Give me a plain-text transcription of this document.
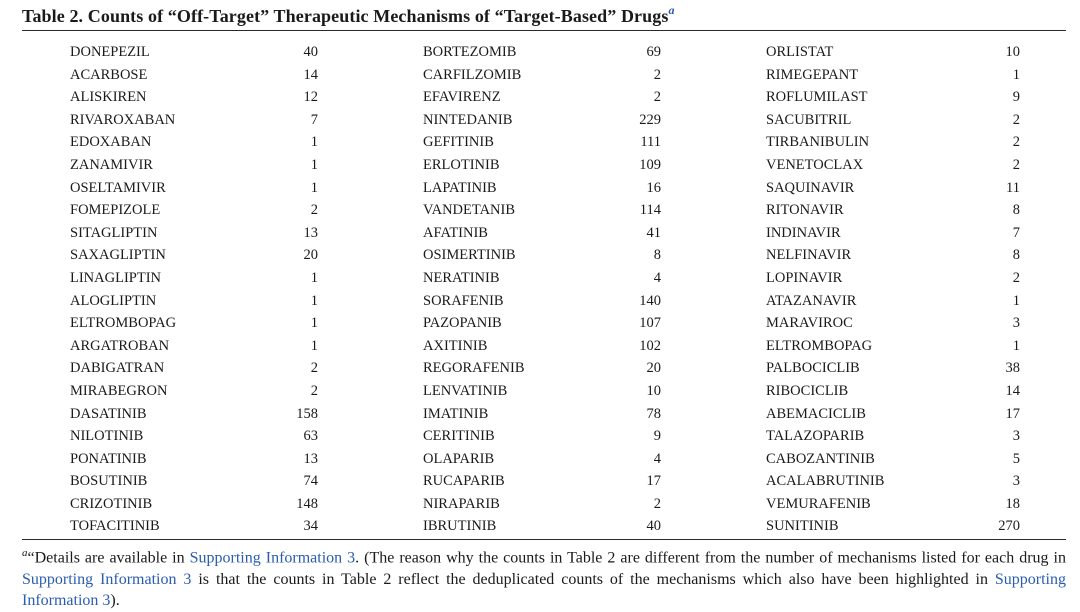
Table 2. Counts of “Off-Target” Therapeutic Mechanisms of “Target-Based” Drugs$^a$
DONEPEZIL	40	BORTEZOMIB	69	ORLISTAT	10
ACARBOSE	14	CARFILZOMIB	2	RIMEGEPANT	1
ALISKIREN	12	EFAVIRENZ	2	ROFLUMILAST	9
RIVAROXABAN	7	NINTEDANIB	229	SACUBITRIL	2
EDOXABAN	1	GEFITINIB	111	TIRBANIBULIN	2
ZANAMIVIR	1	ERLOTINIB	109	VENETOCLAX	2
OSELTAMIVIR	1	LAPATINIB	16	SAQUINAVIR	11
FOMEPIZOLE	2	VANDETANIB	114	RITONAVIR	8
SITAGLIPTIN	13	AFATINIB	41	INDINAVIR	7
SAXAGLIPTIN	20	OSIMERTINIB	8	NELFINAVIR	8
LINAGLIPTIN	1	NERATINIB	4	LOPINAVIR	2
ALOGLIPTIN	1	SORAFENIB	140	ATAZANAVIR	1
ELTROMBOPAG	1	PAZOPANIB	107	MARAVIROC	3
ARGATROBAN	1	AXITINIB	102	ELTROMBOPAG	1
DABIGATRAN	2	REGORAFENIB	20	PALBOCICLIB	38
MIRABEGRON	2	LENVATINIB	10	RIBOCICLIB	14
DASATINIB	158	IMATINIB	78	ABEMACICLIB	17
NILOTINIB	63	CERITINIB	9	TALAZOPARIB	3
PONATINIB	13	OLAPARIB	4	CABOZANTINIB	5
BOSUTINIB	74	RUCAPARIB	17	ACALABRUTINIB	3
CRIZOTINIB	148	NIRAPARIB	2	VEMURAFENIB	18
TOFACITINIB	34	IBRUTINIB	40	SUNITINIB	270
$^a$“Details are available in Supporting Information 3. (The reason why the counts in Table 2 are different from the number of mechanisms listed for each drug in Supporting Information 3 is that the counts in Table 2 reflect the deduplicated counts of the mechanisms which also have been highlighted in Supporting Information 3).
